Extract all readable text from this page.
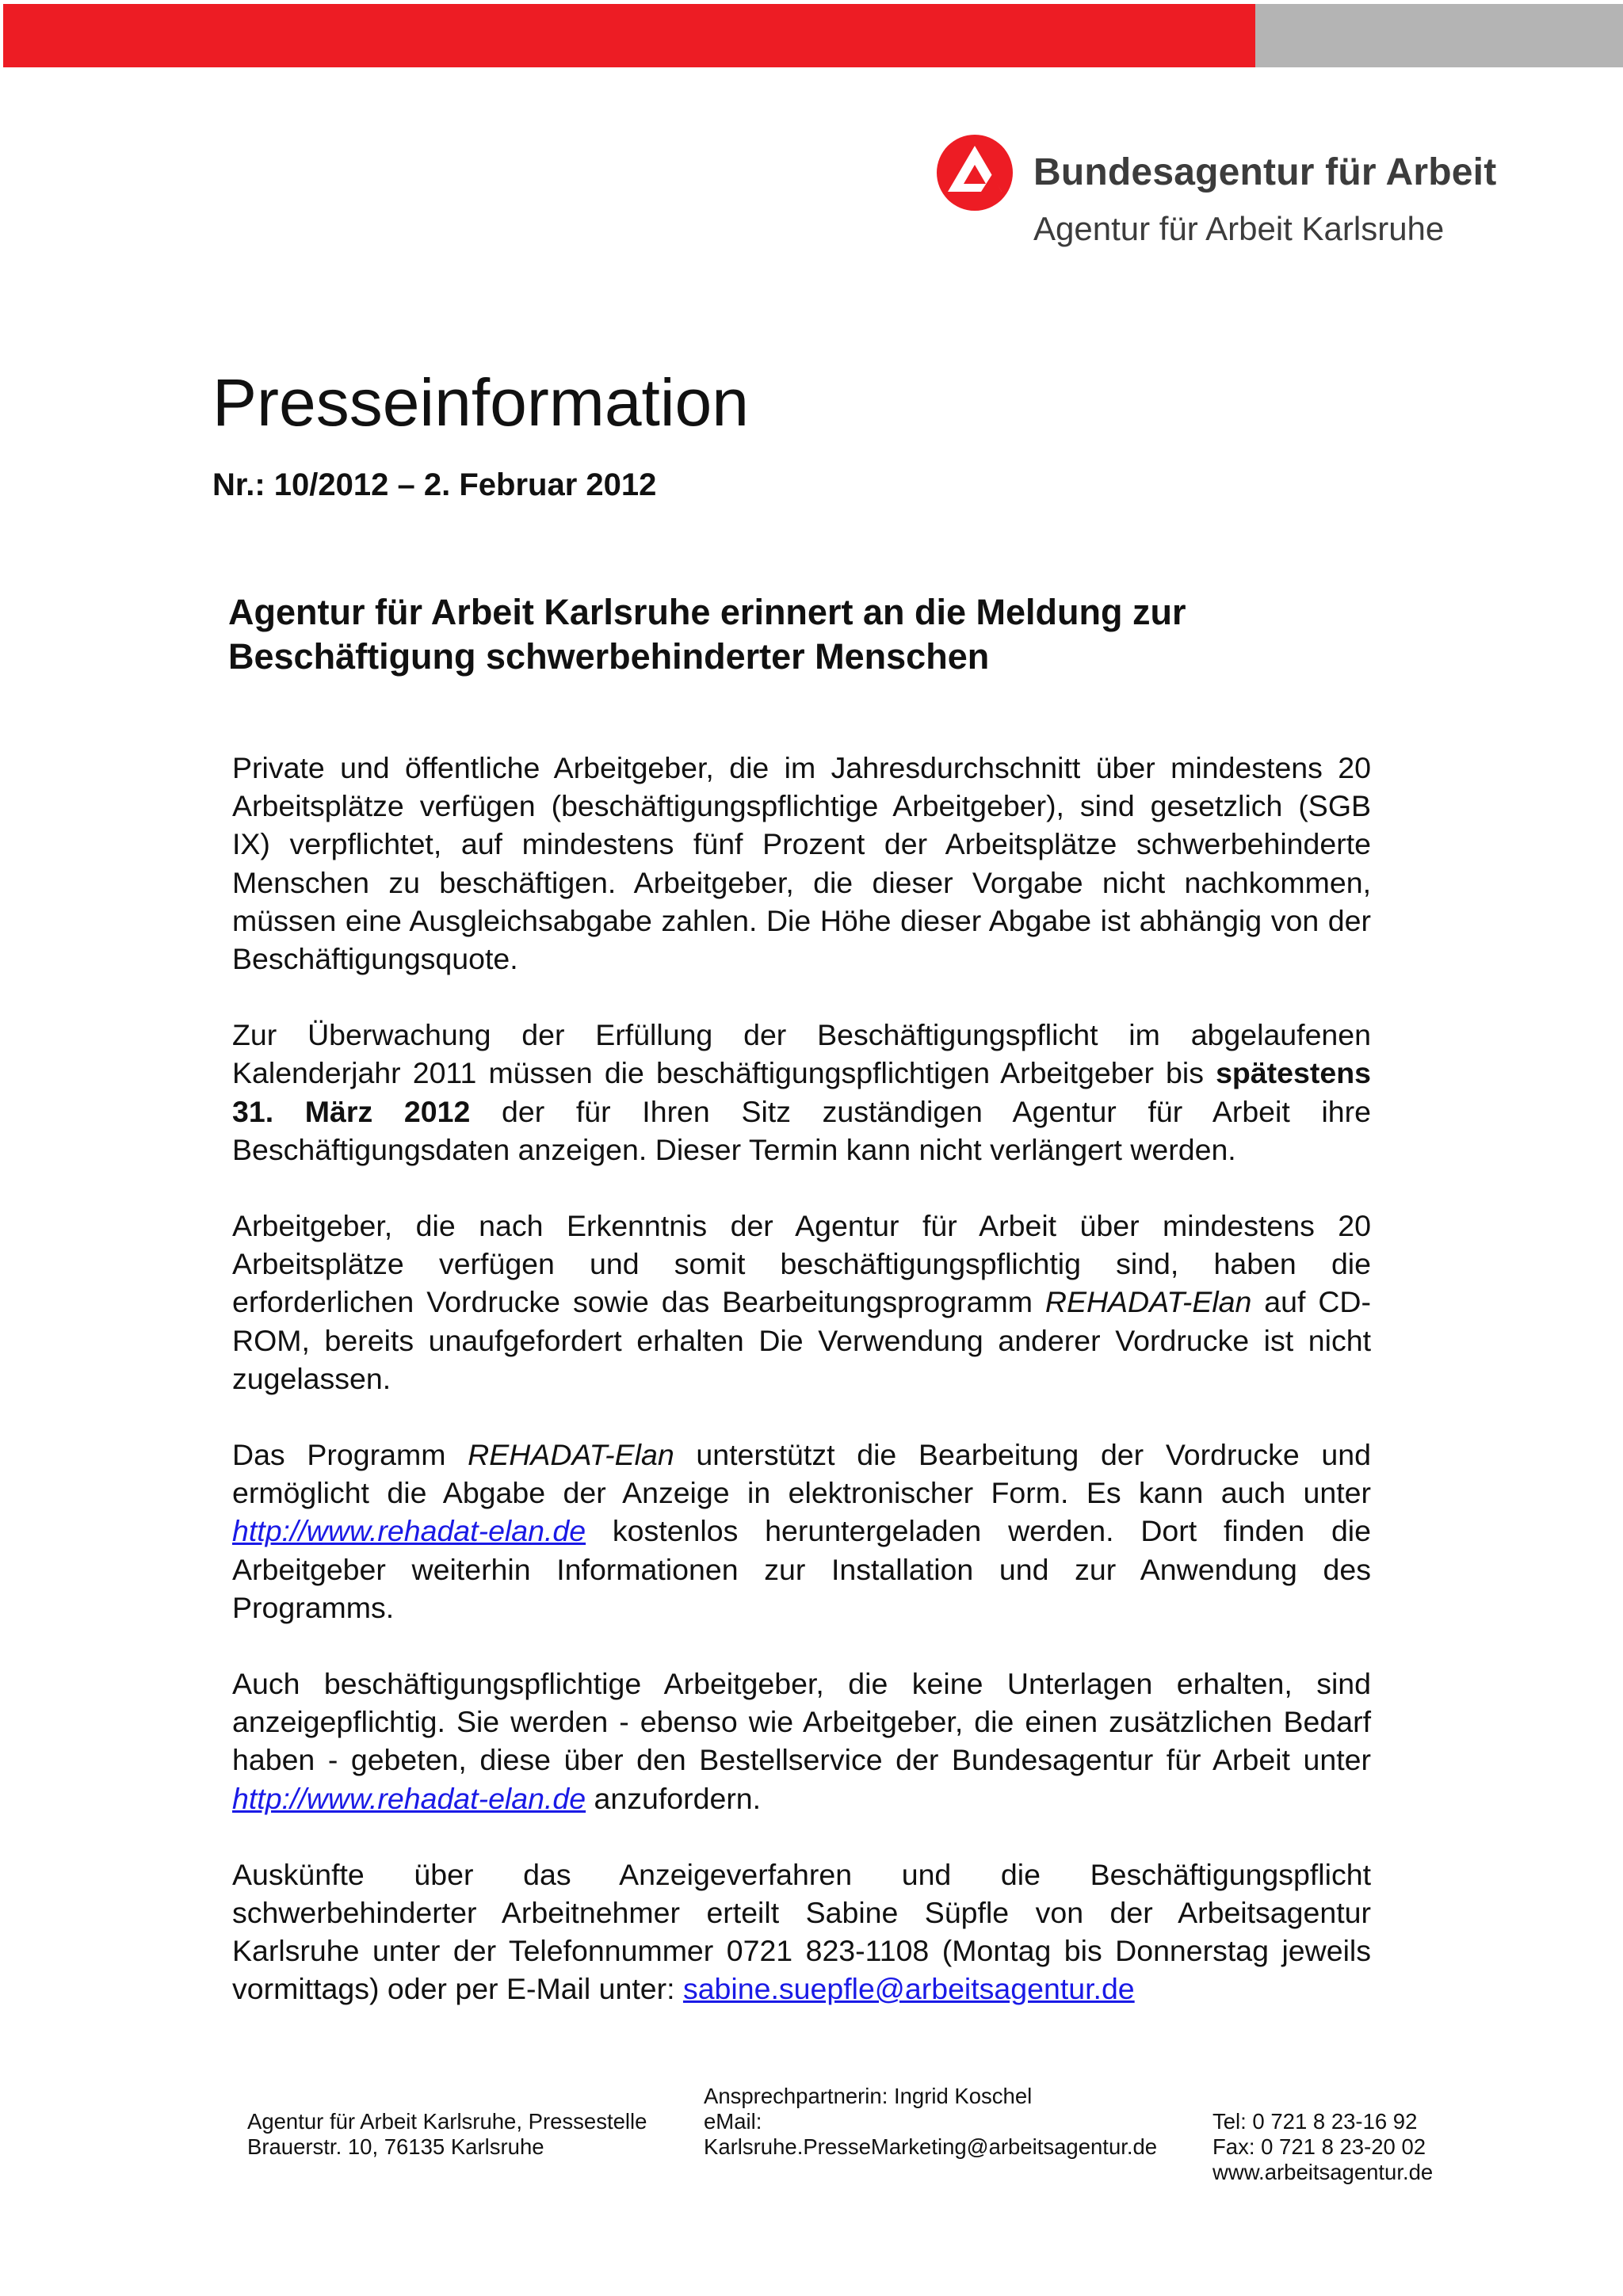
Bundesagentur für Arbeit
Agentur für Arbeit Karlsruhe
Presseinformation
Nr.: 10/2012 – 2. Februar 2012
Agentur für Arbeit Karlsruhe erinnert an die Meldung zur
Beschäftigung schwerbehinderter Menschen

Private und öffentliche Arbeitgeber, die im Jahresdurchschnitt über mindestens 20 Arbeitsplätze verfügen (beschäftigungspflichtige Arbeitgeber), sind gesetzlich (SGB IX) verpflichtet, auf mindestens fünf Prozent der Arbeitsplätze schwerbehinderte Menschen zu beschäftigen. Arbeitgeber, die dieser Vorgabe nicht nachkommen, müssen eine Ausgleichsabgabe zahlen. Die Höhe dieser Abgabe ist abhängig von der Beschäftigungsquote.

Zur Überwachung der Erfüllung der Beschäftigungspflicht im abgelaufenen Kalenderjahr 2011 müssen die beschäftigungspflichtigen Arbeitgeber bis spätestens 31. März 2012 der für Ihren Sitz zuständigen Agentur für Arbeit ihre Beschäftigungsdaten anzeigen. Dieser Termin kann nicht verlängert werden.

Arbeitgeber, die nach Erkenntnis der Agentur für Arbeit über mindestens 20 Arbeitsplätze verfügen und somit beschäftigungspflichtig sind, haben die erforderlichen Vordrucke sowie das Bearbeitungsprogramm REHADAT-Elan auf CD-ROM, bereits unaufgefordert erhalten Die Verwendung anderer Vordrucke ist nicht zugelassen.

Das Programm REHADAT-Elan unterstützt die Bearbeitung der Vordrucke und ermöglicht die Abgabe der Anzeige in elektronischer Form. Es kann auch unter http://www.rehadat-elan.de kostenlos heruntergeladen werden. Dort finden die Arbeitgeber weiterhin Informationen zur Installation und zur Anwendung des Programms.

Auch beschäftigungspflichtige Arbeitgeber, die keine Unterlagen erhalten, sind anzeigepflichtig. Sie werden - ebenso wie Arbeitgeber, die einen zusätzlichen Bedarf haben - gebeten, diese über den Bestellservice der Bundesagentur für Arbeit unter http://www.rehadat-elan.de anzufordern.

Auskünfte über das Anzeigeverfahren und die Beschäftigungspflicht schwerbehinderter Arbeitnehmer erteilt Sabine Süpfle von der Arbeitsagentur Karlsruhe unter der Telefonnummer 0721 823-1108 (Montag bis Donnerstag jeweils vormittags) oder per E-Mail unter: sabine.suepfle@arbeitsagentur.de

Agentur für Arbeit Karlsruhe, Pressestelle
Brauerstr. 10, 76135 Karlsruhe
Ansprechpartnerin: Ingrid Koschel
eMail:
Karlsruhe.PresseMarketing@arbeitsagentur.de
Tel: 0 721 8 23-16 92
Fax: 0 721 8 23-20 02
www.arbeitsagentur.de
